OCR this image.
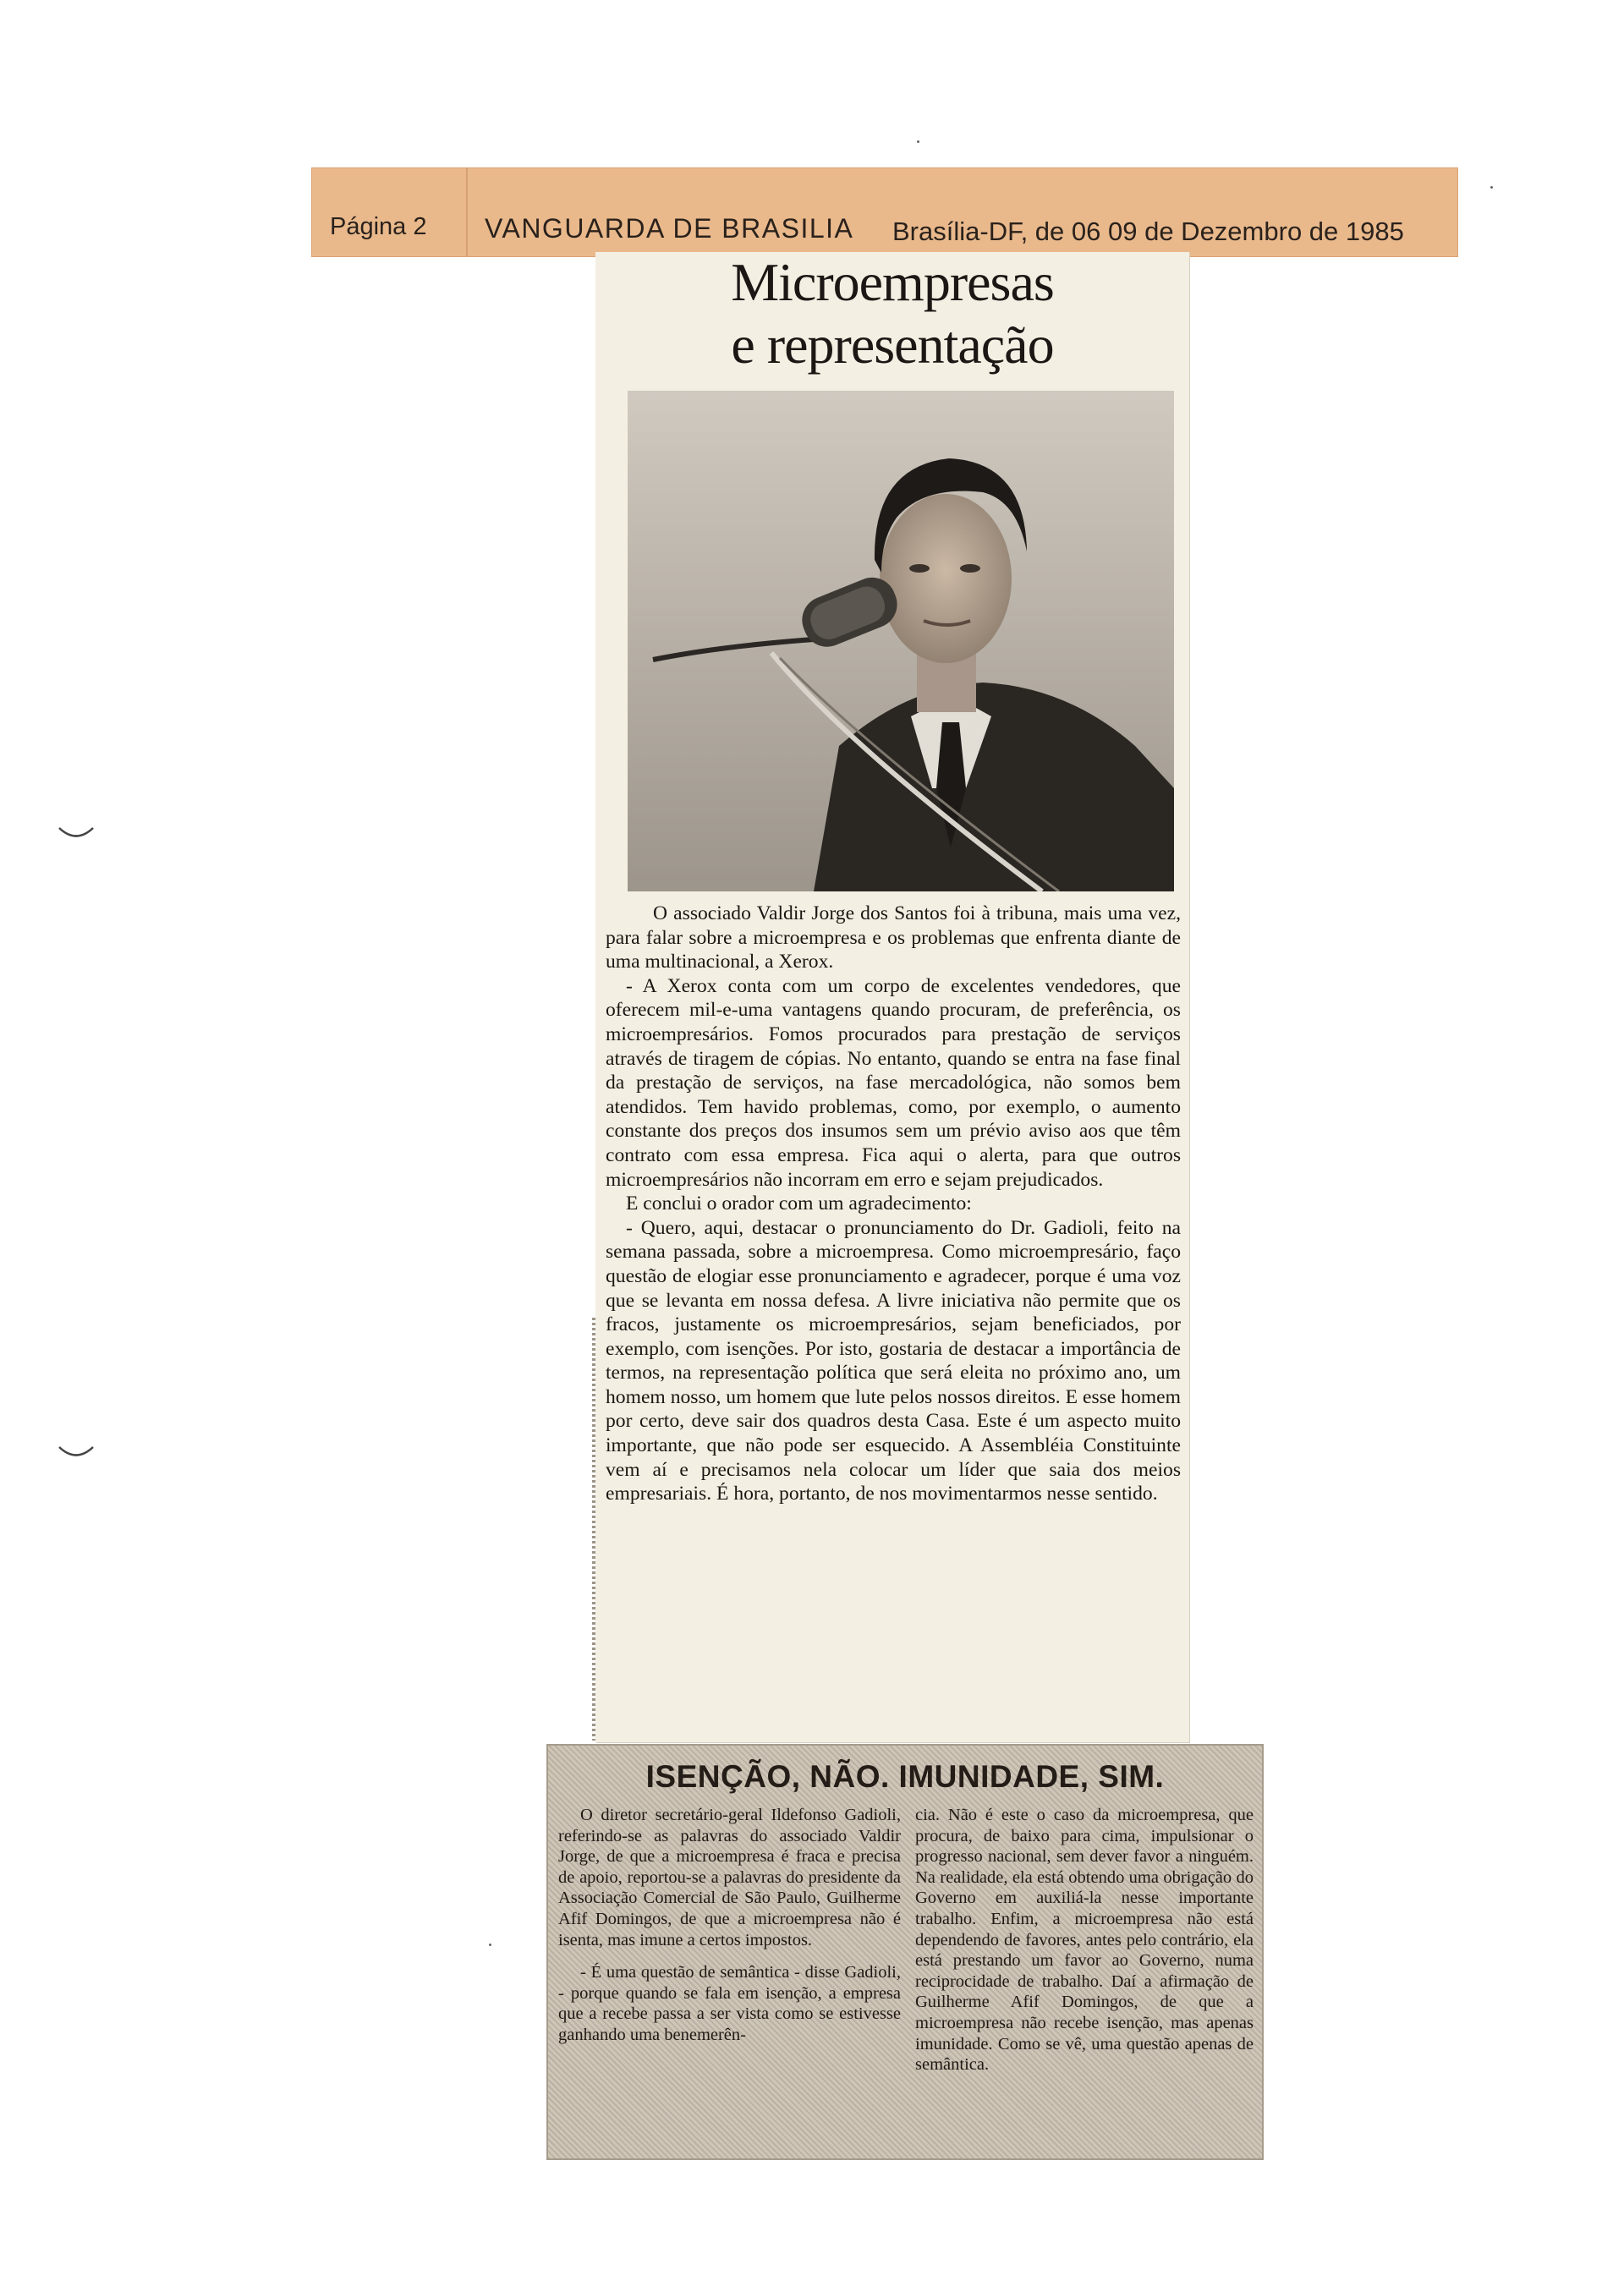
Página 2 VANGUARDA DE BRASILIA Brasília-DF, de 06 09 de Dezembro de 1985
Microempresas
e representação

O associado Valdir Jorge dos Santos foi à tribuna, mais uma vez, para falar sobre a microempresa e os problemas que enfrenta diante de uma multinacional, a Xerox.

- A Xerox conta com um corpo de excelentes vendedores, que oferecem mil-e-uma vantagens quando procuram, de preferência, os microempresários. Fomos procurados para prestação de serviços através de tiragem de cópias. No entanto, quando se entra na fase final da prestação de serviços, na fase mercadológica, não somos bem atendidos. Tem havido problemas, como, por exemplo, o aumento constante dos preços dos insumos sem um prévio aviso aos que têm contrato com essa empresa. Fica aqui o alerta, para que outros microempresários não incorram em erro e sejam prejudicados.

E conclui o orador com um agradecimento:

- Quero, aqui, destacar o pronunciamento do Dr. Gadioli, feito na semana passada, sobre a microempresa. Como microempresário, faço questão de elogiar esse pronunciamento e agradecer, porque é uma voz que se levanta em nossa defesa. A livre iniciativa não permite que os fracos, justamente os microempresários, sejam beneficiados, por exemplo, com isenções. Por isto, gostaria de destacar a importância de termos, na representação política que será eleita no próximo ano, um homem nosso, um homem que lute pelos nossos direitos. E esse homem por certo, deve sair dos quadros desta Casa. Este é um aspecto muito importante, que não pode ser esquecido. A Assembléia Constituinte vem aí e precisamos nela colocar um líder que saia dos meios empresariais. É hora, portanto, de nos movimentarmos nesse sentido.

ISENÇÃO, NÃO. IMUNIDADE, SIM.

O diretor secretário-geral Ildefonso Gadioli, referindo-se as palavras do associado Valdir Jorge, de que a microempresa é fraca e precisa de apoio, reportou-se a palavras do presidente da Associação Comercial de São Paulo, Guilherme Afif Domingos, de que a microempresa não é isenta, mas imune a certos impostos.

- É uma questão de semântica - disse Gadioli, - porque quando se fala em isenção, a empresa que a recebe passa a ser vista como se estivesse ganhando uma benemerên-

cia. Não é este o caso da microempresa, que procura, de baixo para cima, impulsionar o progresso nacional, sem dever favor a ninguém. Na realidade, ela está obtendo uma obrigação do Governo em auxiliá-la nesse importante trabalho. Enfim, a microempresa não está dependendo de favores, antes pelo contrário, ela está prestando um favor ao Governo, numa reciprocidade de trabalho. Daí a afirmação de Guilherme Afif Domingos, de que a microempresa não recebe isenção, mas apenas imunidade. Como se vê, uma questão apenas de semântica.
